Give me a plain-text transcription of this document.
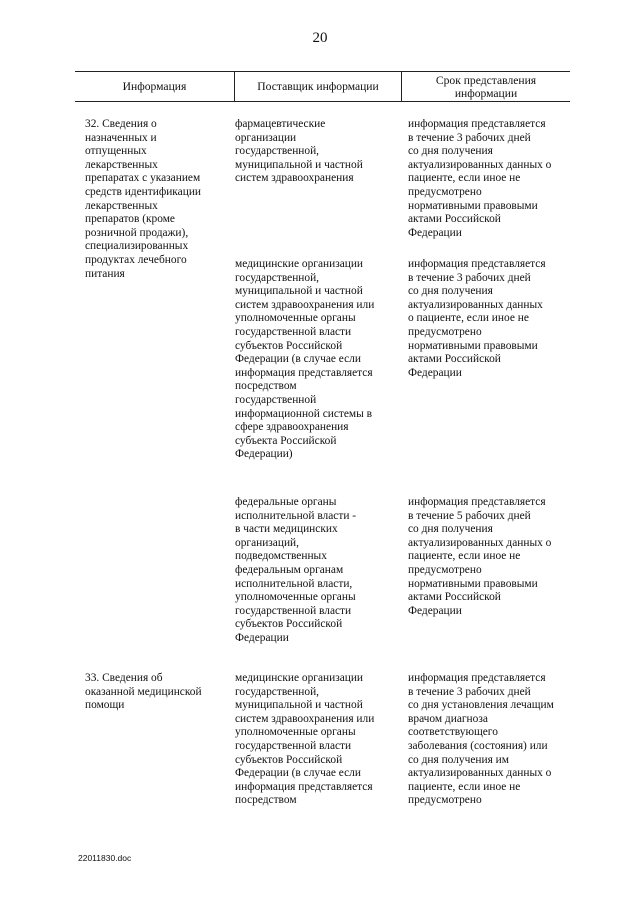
20
Информация	Поставщик информации	Срок представления
информации
32. Сведения о
назначенных и
отпущенных
лекарственных
препаратах с указанием
средств идентификации
лекарственных
препаратов (кроме
розничной продажи),
специализированных
продуктах лечебного
питания
фармацевтические
организации
государственной,
муниципальной и частной
систем здравоохранения
информация представляется
в течение 3 рабочих дней
со дня получения
актуализированных данных о
пациенте, если иное не
предусмотрено
нормативными правовыми
актами Российской
Федерации
медицинские организации
государственной,
муниципальной и частной
систем здравоохранения или
уполномоченные органы
государственной власти
субъектов Российской
Федерации (в случае если
информация представляется
посредством
государственной
информационной системы в
сфере здравоохранения
субъекта Российской
Федерации)
информация представляется
в течение 3 рабочих дней
со дня получения
актуализированных данных
о пациенте, если иное не
предусмотрено
нормативными правовыми
актами Российской
Федерации
федеральные органы
исполнительной власти -
в части медицинских
организаций,
подведомственных
федеральным органам
исполнительной власти,
уполномоченные органы
государственной власти
субъектов Российской
Федерации
информация представляется
в течение 5 рабочих дней
со дня получения
актуализированных данных о
пациенте, если иное не
предусмотрено
нормативными правовыми
актами Российской
Федерации
33. Сведения об
оказанной медицинской
помощи
медицинские организации
государственной,
муниципальной и частной
систем здравоохранения или
уполномоченные органы
государственной власти
субъектов Российской
Федерации (в случае если
информация представляется
посредством
информация представляется
в течение 3 рабочих дней
со дня установления лечащим
врачом диагноза
соответствующего
заболевания (состояния) или
со дня получения им
актуализированных данных о
пациенте, если иное не
предусмотрено
22011830.doc
